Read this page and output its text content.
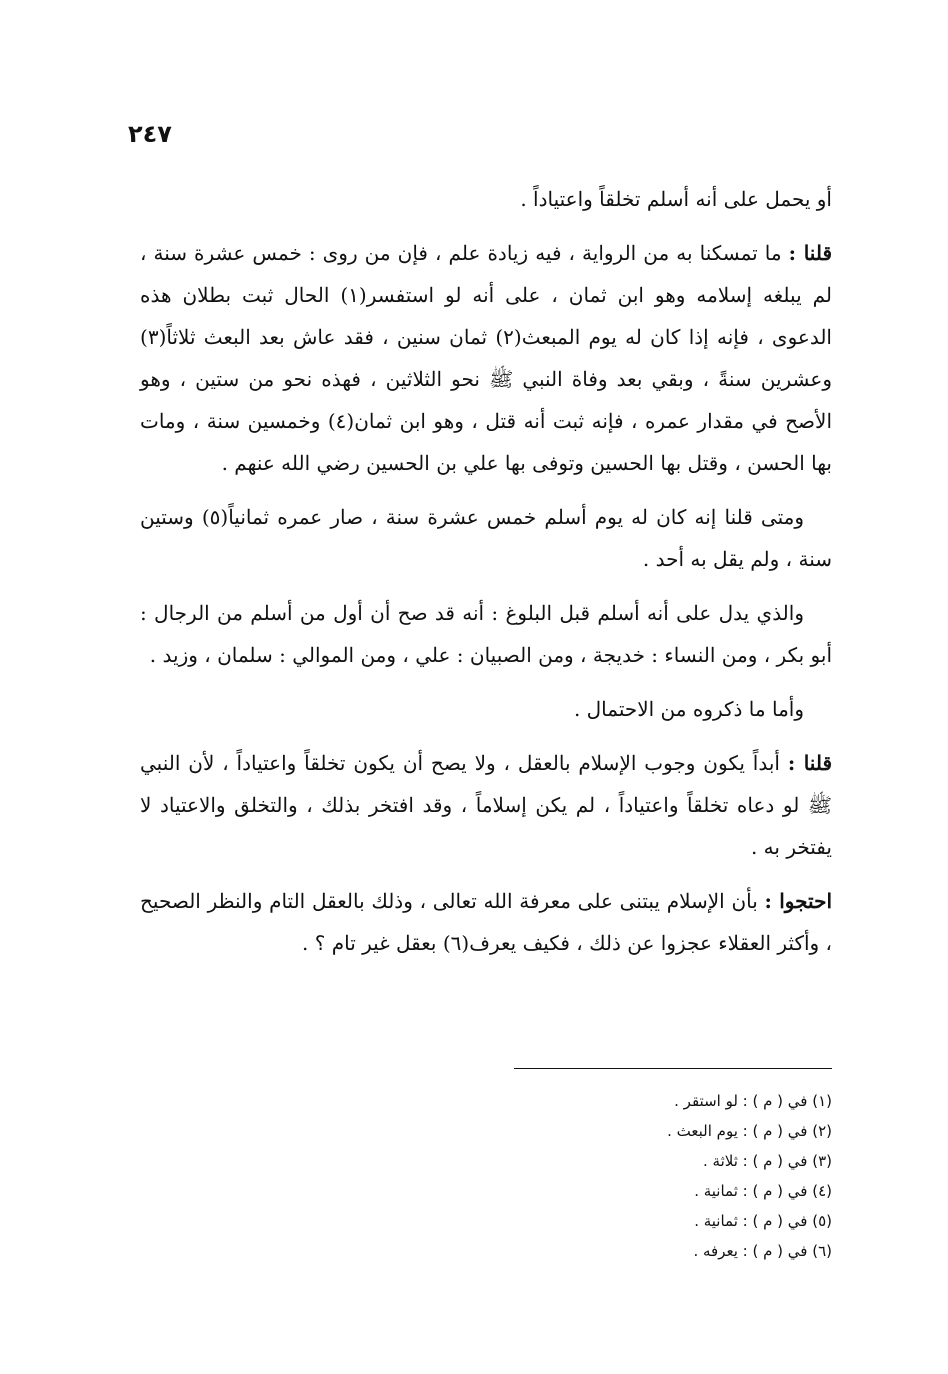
٢٤٧

أو يحمل على أنه أسلم تخلقاً واعتياداً .

قلنا : ما تمسكنا به من الرواية ، فيه زيادة علم ، فإن من روى : خمس عشرة سنة ، لم يبلغه إسلامه وهو ابن ثمان ، على أنه لو استفسر(١) الحال ثبت بطلان هذه الدعوى ، فإنه إذا كان له يوم المبعث(٢) ثمان سنين ، فقد عاش بعد البعث ثلاثاً(٣) وعشرين سنةً ، وبقي بعد وفاة النبي ﷺ نحو الثلاثين ، فهذه نحو من ستين ، وهو الأصح في مقدار عمره ، فإنه ثبت أنه قتل ، وهو ابن ثمان(٤) وخمسين سنة ، ومات بها الحسن ، وقتل بها الحسين وتوفى بها علي بن الحسين رضي الله عنهم .

ومتى قلنا إنه كان له يوم أسلم خمس عشرة سنة ، صار عمره ثمانياً(٥) وستين سنة ، ولم يقل به أحد .

والذي يدل على أنه أسلم قبل البلوغ : أنه قد صح أن أول من أسلم من الرجال : أبو بكر ، ومن النساء : خديجة ، ومن الصبيان : علي ، ومن الموالي : سلمان ، وزيد .

وأما ما ذكروه من الاحتمال .

قلنا : أبداً يكون وجوب الإسلام بالعقل ، ولا يصح أن يكون تخلقاً واعتياداً ، لأن النبي ﷺ لو دعاه تخلقاً واعتياداً ، لم يكن إسلاماً ، وقد افتخر بذلك ، والتخلق والاعتياد لا يفتخر به .

احتجوا : بأن الإسلام يبتنى على معرفة الله تعالى ، وذلك بالعقل التام والنظر الصحيح ، وأكثر العقلاء عجزوا عن ذلك ، فكيف يعرف(٦) بعقل غير تام ؟ .

(١) في ( م ) : لو استقر .

(٢) في ( م ) : يوم البعث .

(٣) في ( م ) : ثلاثة .

(٤) في ( م ) : ثمانية .

(٥) في ( م ) : ثمانية .

(٦) في ( م ) : يعرفه .
